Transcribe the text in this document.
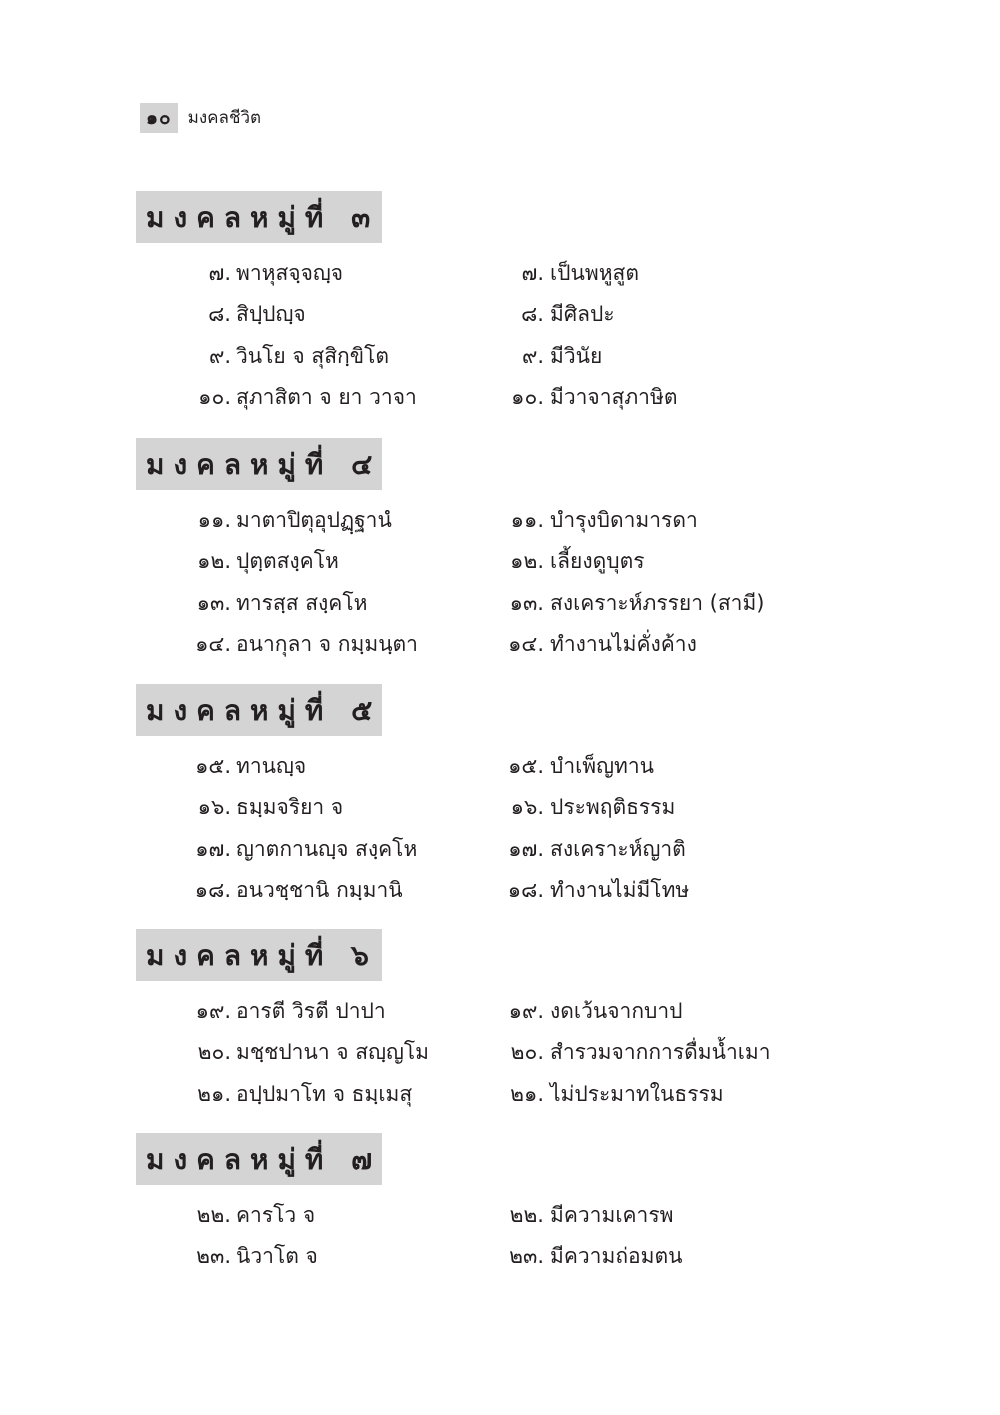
๑๐ มงคลชีวิต
มงคลหมู่ที่ ๓
๗. พาหุสจฺจญฺจ	๗. เป็นพหูสูต
๘. สิปฺปญฺจ	๘. มีศิลปะ
๙. วินโย จ สุสิกฺขิโต	๙. มีวินัย
๑๐. สุภาสิตา จ ยา วาจา	๑๐. มีวาจาสุภาษิต
มงคลหมู่ที่ ๔
๑๑. มาตาปิตุอุปฏฺฐานํ	๑๑. บำรุงบิดามารดา
๑๒. ปุตฺตสงฺคโห	๑๒. เลี้ยงดูบุตร
๑๓. ทารสฺส สงฺคโห	๑๓. สงเคราะห์ภรรยา (สามี)
๑๔. อนากุลา จ กมฺมนฺตา	๑๔. ทำงานไม่คั่งค้าง
มงคลหมู่ที่ ๕
๑๕. ทานญฺจ	๑๕. บำเพ็ญทาน
๑๖. ธมฺมจริยา จ	๑๖. ประพฤติธรรม
๑๗. ญาตกานญฺจ สงฺคโห	๑๗. สงเคราะห์ญาติ
๑๘. อนวชฺชานิ กมฺมานิ	๑๘. ทำงานไม่มีโทษ
มงคลหมู่ที่ ๖
๑๙. อารตี วิรตี ปาปา	๑๙. งดเว้นจากบาป
๒๐. มชฺชปานา จ สญฺญโม	๒๐. สำรวมจากการดื่มน้ำเมา
๒๑. อปฺปมาโท จ ธมฺเมสุ	๒๑. ไม่ประมาทในธรรม
มงคลหมู่ที่ ๗
๒๒. คารโว จ	๒๒. มีความเคารพ
๒๓. นิวาโต จ	๒๓. มีความถ่อมตน
